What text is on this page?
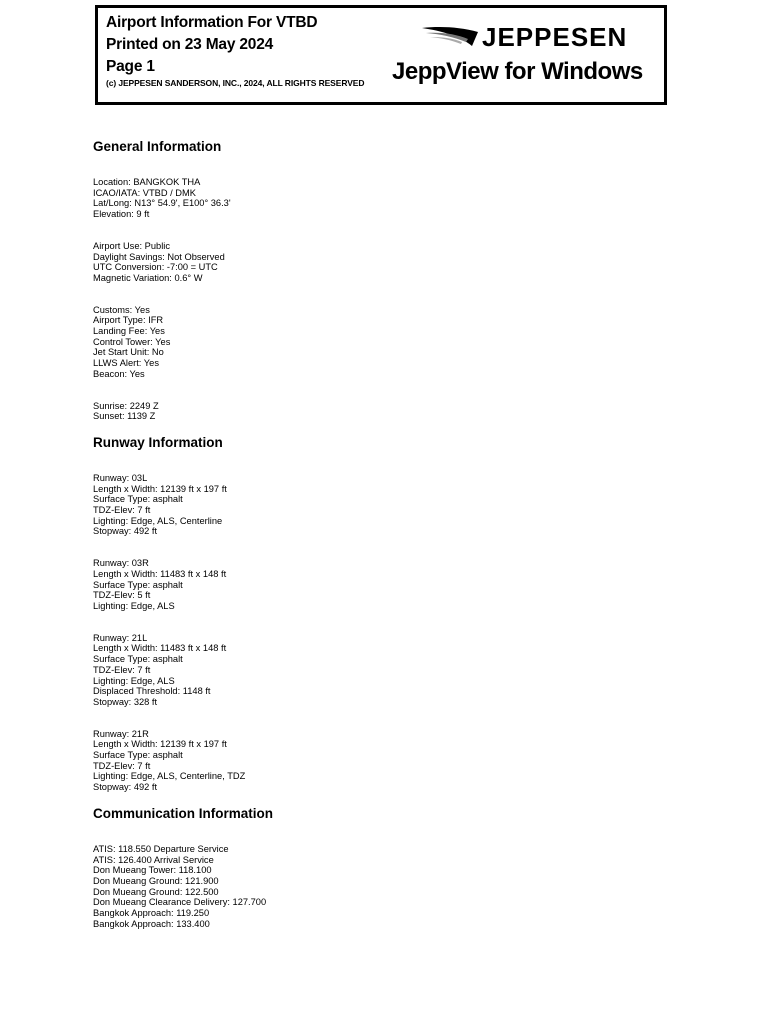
Airport Information For VTBD
Printed on 23 May 2024
Page 1
(c) JEPPESEN SANDERSON, INC., 2024, ALL RIGHTS RESERVED
JEPPESEN
JeppView for Windows
General Information
Location: BANGKOK THA
ICAO/IATA: VTBD / DMK
Lat/Long: N13° 54.9', E100° 36.3'
Elevation: 9 ft
Airport Use: Public
Daylight Savings: Not Observed
UTC Conversion: -7:00 = UTC
Magnetic Variation: 0.6° W
Customs: Yes
Airport Type: IFR
Landing Fee: Yes
Control Tower: Yes
Jet Start Unit: No
LLWS Alert: Yes
Beacon: Yes
Sunrise: 2249 Z
Sunset: 1139 Z
Runway Information
Runway: 03L
Length x Width: 12139 ft x 197 ft
Surface Type: asphalt
TDZ-Elev: 7 ft
Lighting: Edge, ALS, Centerline
Stopway: 492 ft
Runway: 03R
Length x Width: 11483 ft x 148 ft
Surface Type: asphalt
TDZ-Elev: 5 ft
Lighting: Edge, ALS
Runway: 21L
Length x Width: 11483 ft x 148 ft
Surface Type: asphalt
TDZ-Elev: 7 ft
Lighting: Edge, ALS
Displaced Threshold: 1148 ft
Stopway: 328 ft
Runway: 21R
Length x Width: 12139 ft x 197 ft
Surface Type: asphalt
TDZ-Elev: 7 ft
Lighting: Edge, ALS, Centerline, TDZ
Stopway: 492 ft
Communication Information
ATIS: 118.550 Departure Service
ATIS: 126.400 Arrival Service
Don Mueang Tower: 118.100
Don Mueang Ground: 121.900
Don Mueang Ground: 122.500
Don Mueang Clearance Delivery: 127.700
Bangkok Approach: 119.250
Bangkok Approach: 133.400
